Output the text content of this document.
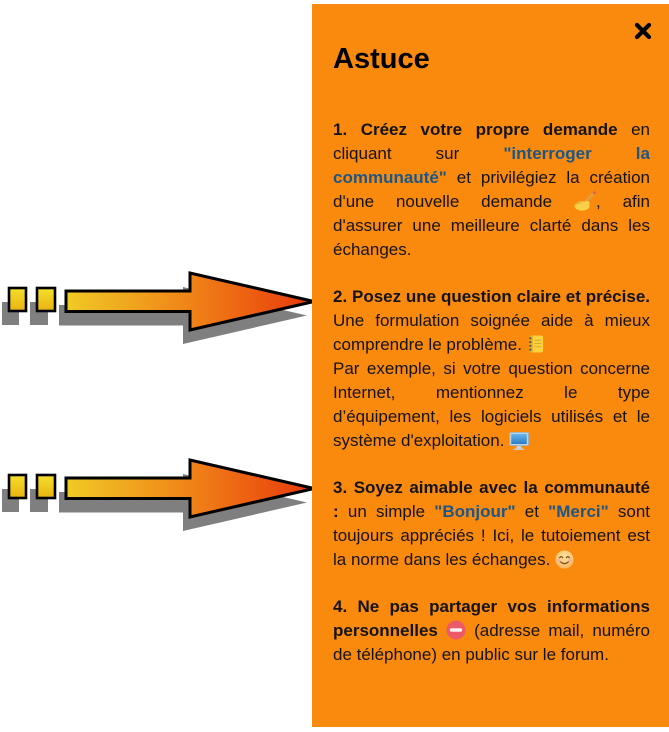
Astuce

1. Créez votre propre demande en cliquant sur "interroger la communauté" et privilégiez la création d'une nouvelle demande , afin d'assurer une meilleure clarté dans les échanges.

2. Posez une question claire et précise. Une formulation soignée aide à mieux comprendre le problème.
Par exemple, si votre question concerne Internet, mentionnez le type d’équipement, les logiciels utilisés et le système d'exploitation.

3. Soyez aimable avec la communauté : un simple "Bonjour" et "Merci" sont toujours appréciés ! Ici, le tutoiement est la norme dans les échanges.

4. Ne pas partager vos informations personnelles  (adresse mail, numéro de téléphone) en public sur le forum.
